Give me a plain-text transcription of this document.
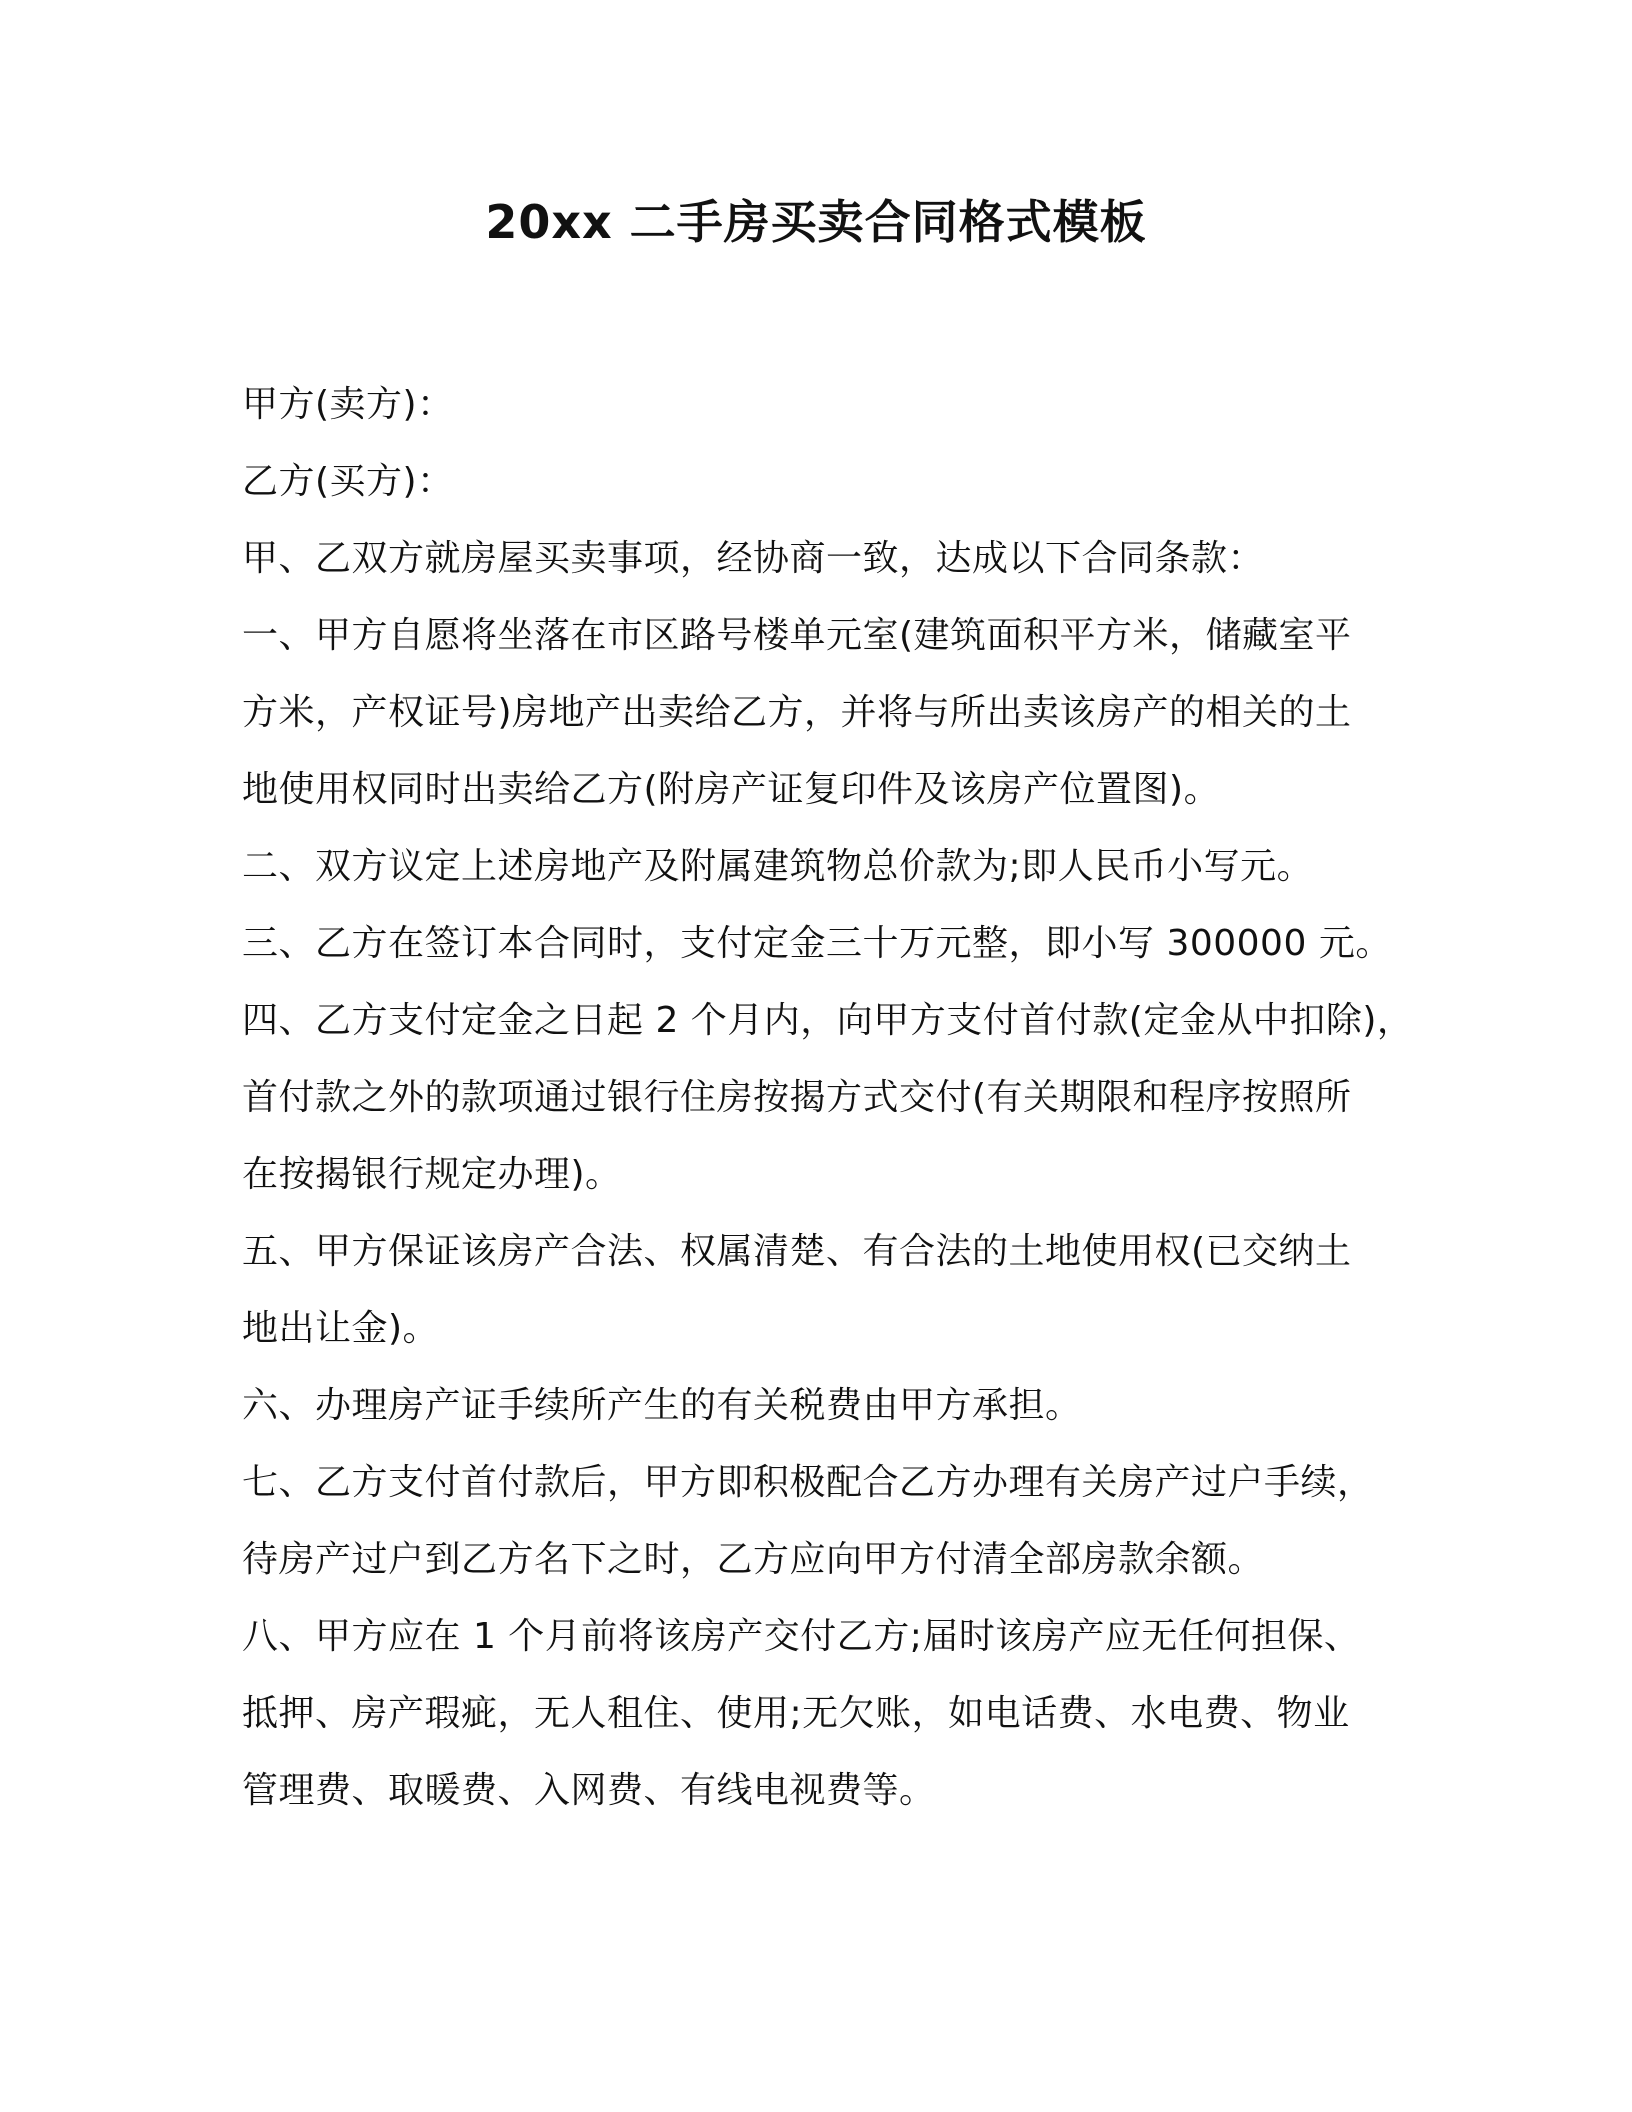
20xx 二手房买卖合同格式模板
甲方(卖方)：
乙方(买方)：
甲、乙双方就房屋买卖事项，经协商一致，达成以下合同条款：
一、甲方自愿将坐落在市区路号楼单元室(建筑面积平方米，储藏室平
方米，产权证号)房地产出卖给乙方，并将与所出卖该房产的相关的土
地使用权同时出卖给乙方(附房产证复印件及该房产位置图)。
二、双方议定上述房地产及附属建筑物总价款为;即人民币小写元。
三、乙方在签订本合同时，支付定金三十万元整，即小写 300000 元。
四、乙方支付定金之日起 2 个月内，向甲方支付首付款(定金从中扣除)，
首付款之外的款项通过银行住房按揭方式交付(有关期限和程序按照所
在按揭银行规定办理)。
五、甲方保证该房产合法、权属清楚、有合法的土地使用权(已交纳土
地出让金)。
六、办理房产证手续所产生的有关税费由甲方承担。
七、乙方支付首付款后，甲方即积极配合乙方办理有关房产过户手续，
待房产过户到乙方名下之时，乙方应向甲方付清全部房款余额。
八、甲方应在 1 个月前将该房产交付乙方;届时该房产应无任何担保、
抵押、房产瑕疵，无人租住、使用;无欠账，如电话费、水电费、物业
管理费、取暖费、入网费、有线电视费等。
